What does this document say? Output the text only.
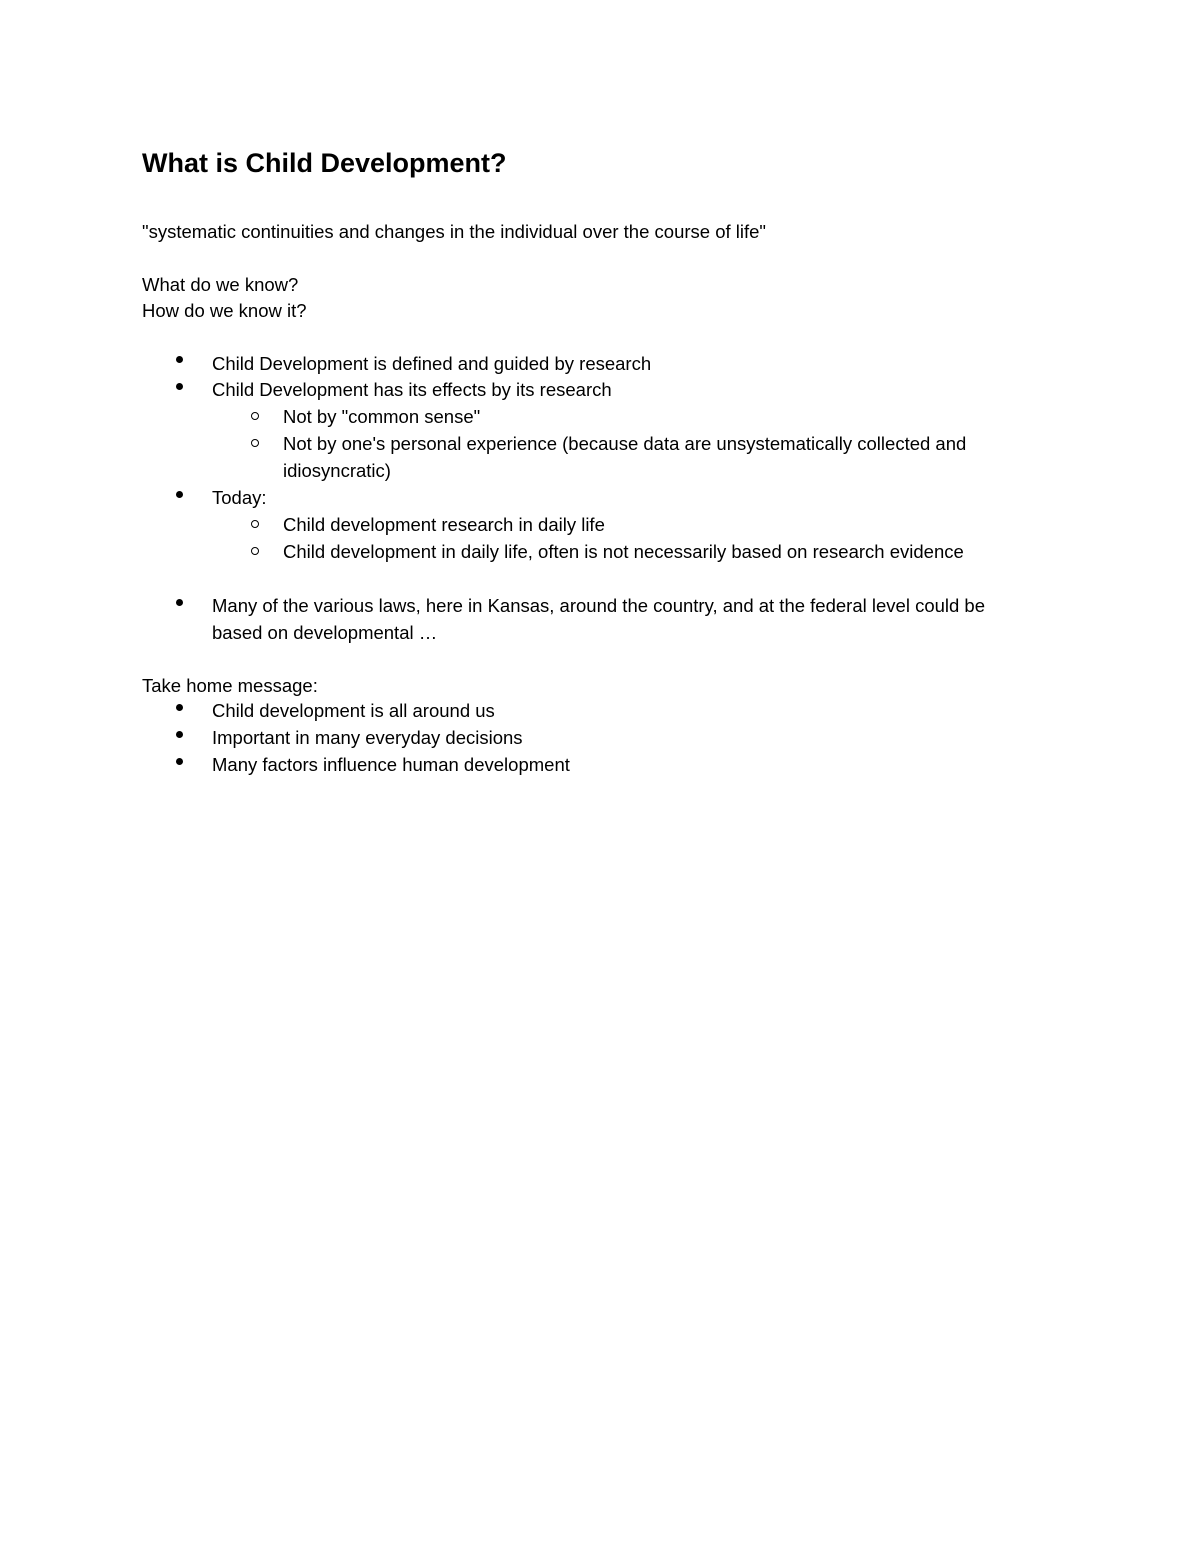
What is Child Development?
"systematic continuities and changes in the individual over the course of life"
What do we know?
How do we know it?
Child Development is defined and guided by research
Child Development has its effects by its research
Not by "common sense"
Not by one's personal experience (because data are unsystematically collected and
idiosyncratic)
Today:
Child development research in daily life
Child development in daily life, often is not necessarily based on research evidence
Many of the various laws, here in Kansas, around the country, and at the federal level could be
based on developmental …
Take home message:
Child development is all around us
Important in many everyday decisions
Many factors influence human development
